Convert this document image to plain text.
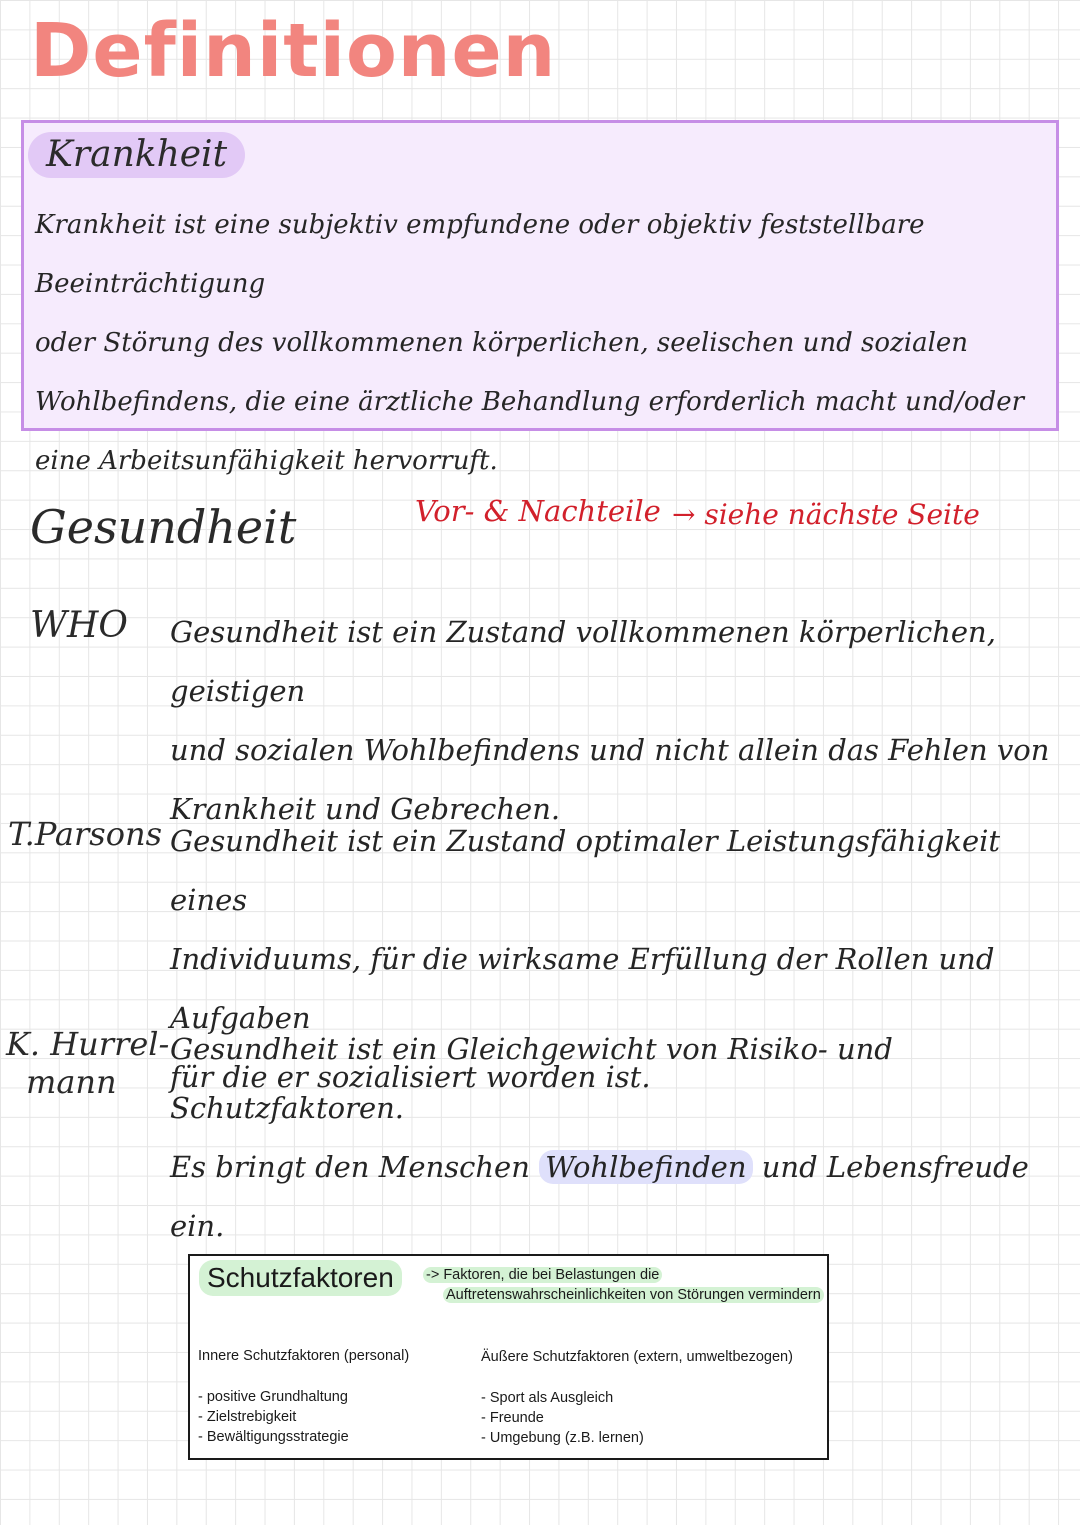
Definitionen
Krankheit
Krankheit ist eine subjektiv empfundene oder objektiv feststellbare Beeinträchtigung
oder Störung des vollkommenen körperlichen, seelischen und sozialen
Wohlbefindens, die eine ärztliche Behandlung erforderlich macht und/oder
eine Arbeitsunfähigkeit hervorruft.
Gesundheit	Vor- & Nachteile → siehe nächste Seite
WHO Gesundheit ist ein Zustand vollkommenen körperlichen, geistigen
und sozialen Wohlbefindens und nicht allein das Fehlen von
Krankheit und Gebrechen.
T.Parsons Gesundheit ist ein Zustand optimaler Leistungsfähigkeit eines
Individuums, für die wirksame Erfüllung der Rollen und Aufgaben
für die er sozialisiert worden ist.
K. Hurrel-
mann
Gesundheit ist ein Gleichgewicht von Risiko- und Schutzfaktoren.
Es bringt den Menschen Wohlbefinden und Lebensfreude ein.
Schutzfaktoren	-> Faktoren, die bei Belastungen die
Auftretenswahrscheinlichkeiten von Störungen vermindern
Innere Schutzfaktoren (personal)
- positive Grundhaltung
- Zielstrebigkeit
- Bewältigungsstrategie
Äußere Schutzfaktoren (extern, umweltbezogen)
- Sport als Ausgleich
- Freunde
- Umgebung (z.B. lernen)
